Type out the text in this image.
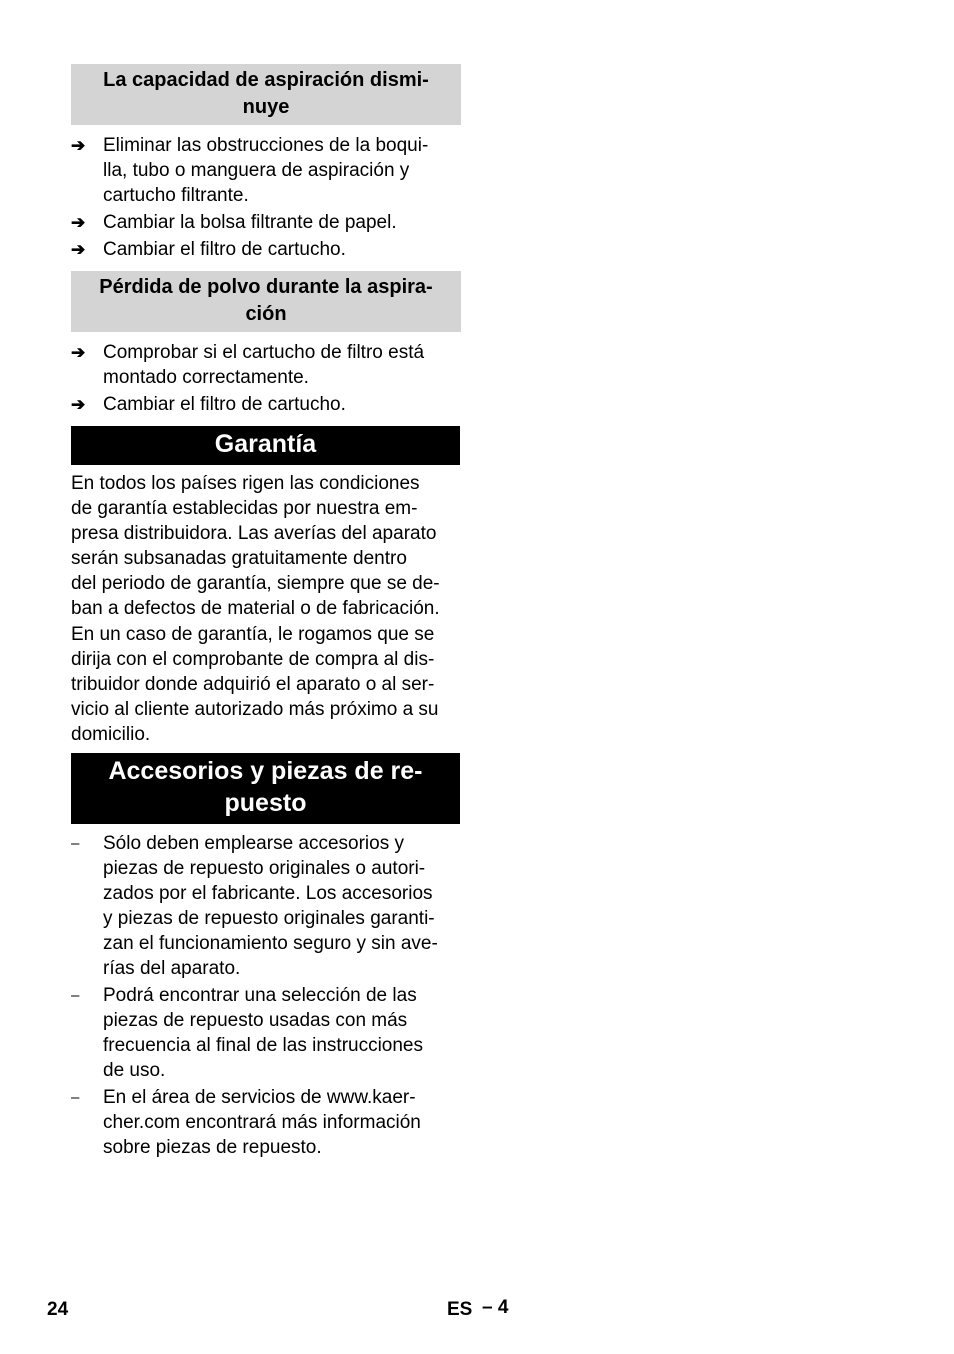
La capacidad de aspiración dismi-
nuye
➔ Eliminar las obstrucciones de la boqui-
lla, tubo o manguera de aspiración y
cartucho filtrante.
➔ Cambiar la bolsa filtrante de papel.
➔ Cambiar el filtro de cartucho.
Pérdida de polvo durante la aspira-
ción
➔ Comprobar si el cartucho de filtro está
montado correctamente.
➔ Cambiar el filtro de cartucho.
Garantía
En todos los países rigen las condiciones
de garantía establecidas por nuestra em-
presa distribuidora. Las averías del aparato
serán subsanadas gratuitamente dentro
del periodo de garantía, siempre que se de-
ban a defectos de material o de fabricación.
En un caso de garantía, le rogamos que se
dirija con el comprobante de compra al dis-
tribuidor donde adquirió el aparato o al ser-
vicio al cliente autorizado más próximo a su
domicilio.
Accesorios y piezas de re-
puesto
–	Sólo deben emplearse accesorios y
piezas de repuesto originales o autori-
zados por el fabricante. Los accesorios
y piezas de repuesto originales garanti-
zan el funcionamiento seguro y sin ave-
rías del aparato.
–	Podrá encontrar una selección de las
piezas de repuesto usadas con más
frecuencia al final de las instrucciones
de uso.
–	En el área de servicios de www.kaer-
cher.com encontrará más información
sobre piezas de repuesto.
24	ES – 4
